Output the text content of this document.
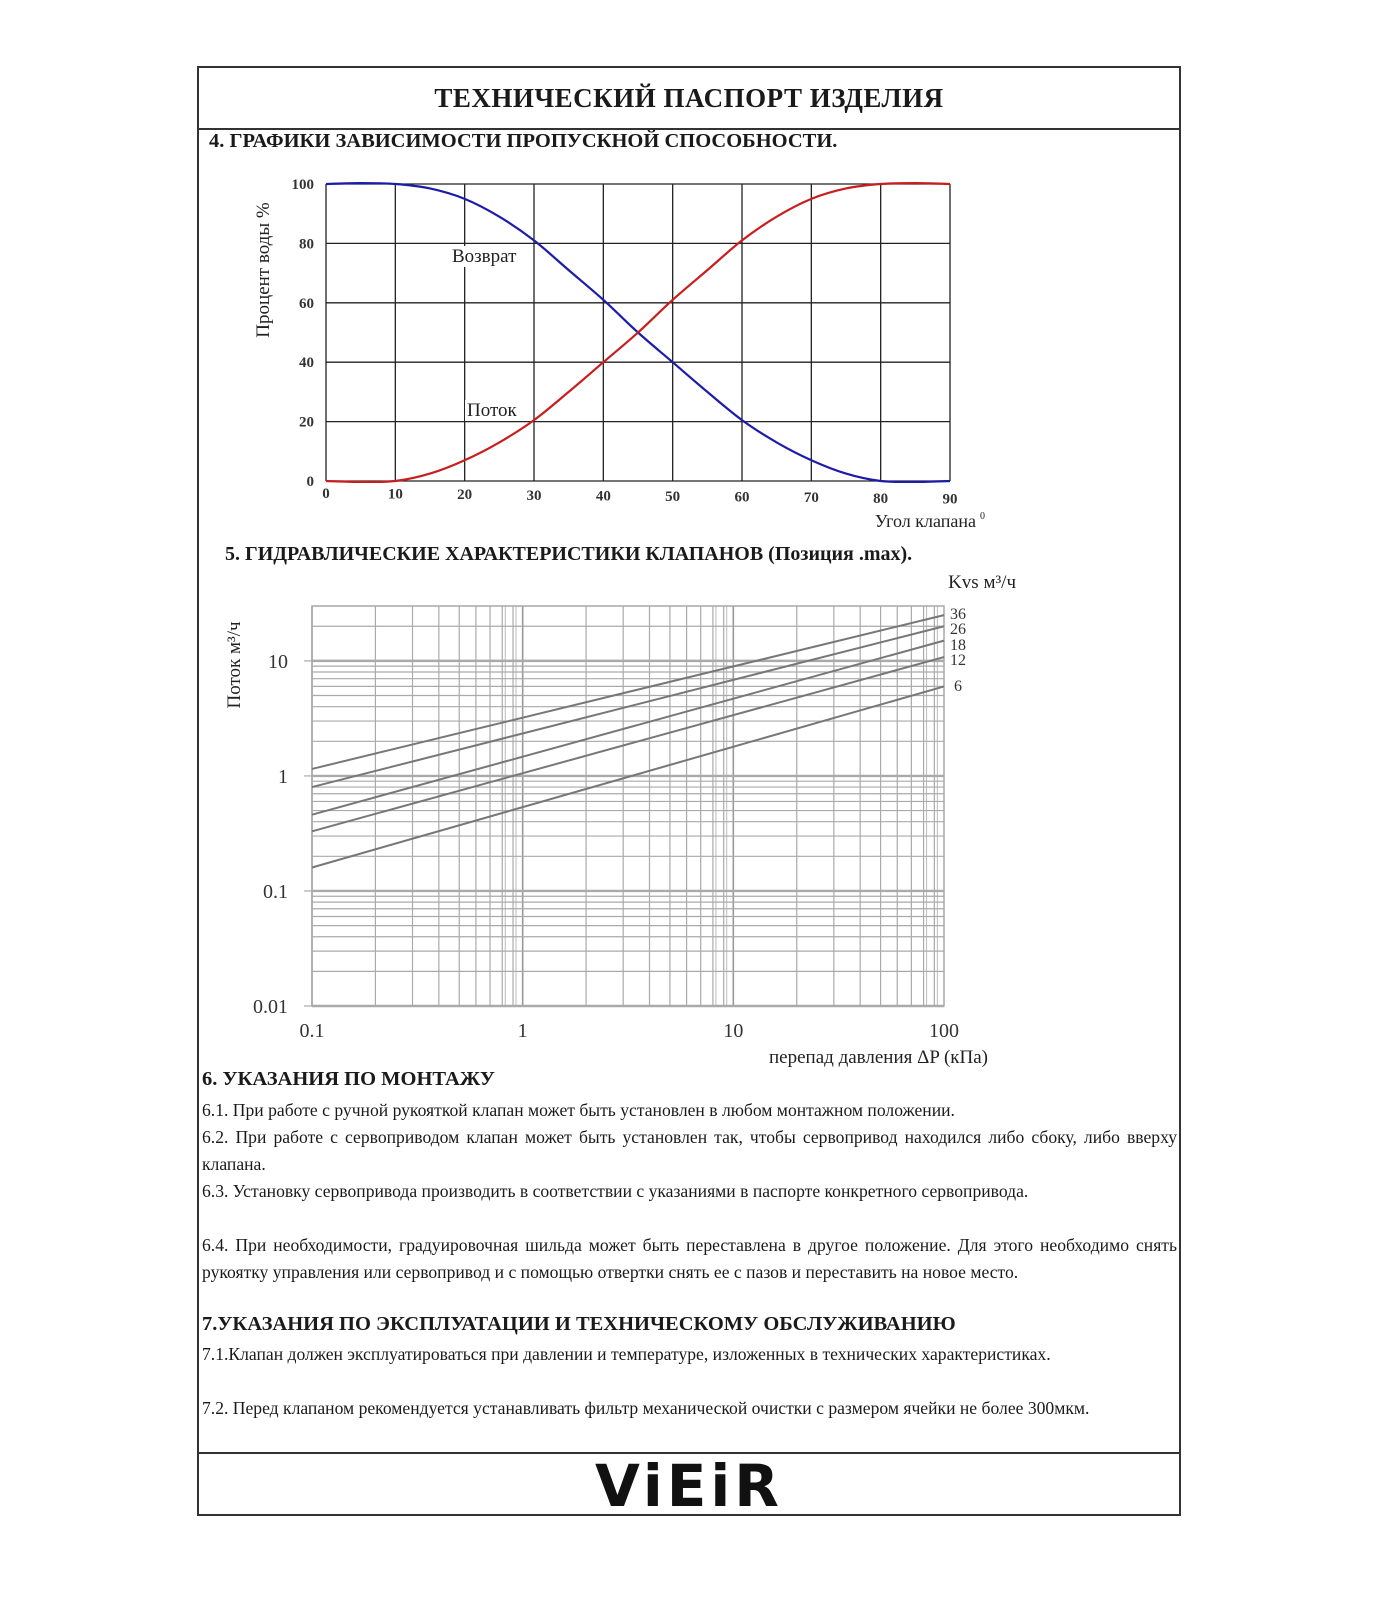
ТЕХНИЧЕСКИЙ ПАСПОРТ ИЗДЕЛИЯ
4. ГРАФИКИ ЗАВИСИМОСТИ ПРОПУСКНОЙ СПОСОБНОСТИ.
5. ГИДРАВЛИЧЕСКИЕ ХАРАКТЕРИСТИКИ КЛАПАНОВ (Позиция .max).
6. УКАЗАНИЯ ПО МОНТАЖУ
6.1. При работе с ручной рукояткой клапан может быть установлен в любом монтажном положении.
6.2. При работе с сервоприводом клапан может быть установлен так, чтобы сервопривод находился либо сбоку, либо вверху клапана.
6.3. Установку сервопривода производить в соответствии с указаниями в паспорте конкретного сервопривода.
6.4. При необходимости, градуировочная шильда может быть переставлена в другое положение. Для этого необходимо снять рукоятку управления или сервопривод и с помощью отвертки снять ее с пазов и переставить на новое место.
7.УКАЗАНИЯ ПО ЭКСПЛУАТАЦИИ И ТЕХНИЧЕСКОМУ ОБСЛУЖИВАНИЮ
7.1.Клапан должен эксплуатироваться при давлении и температуре, изложенных в технических характеристиках.
7.2. Перед клапаном рекомендуется устанавливать фильтр механической очистки с размером ячейки не более 300мкм.
ViEiR
0	10	20	30	40	50	60	70	80	90
0
20
40
60
80
100
Возврат
Поток
Процент воды %
Угол клапана 0
0.1	1	10	100
0.01
0.1
1
10
36
26
18
12
6
Kvs м³/ч
Поток м³/ч
перепад давления ΔP (кПа)
